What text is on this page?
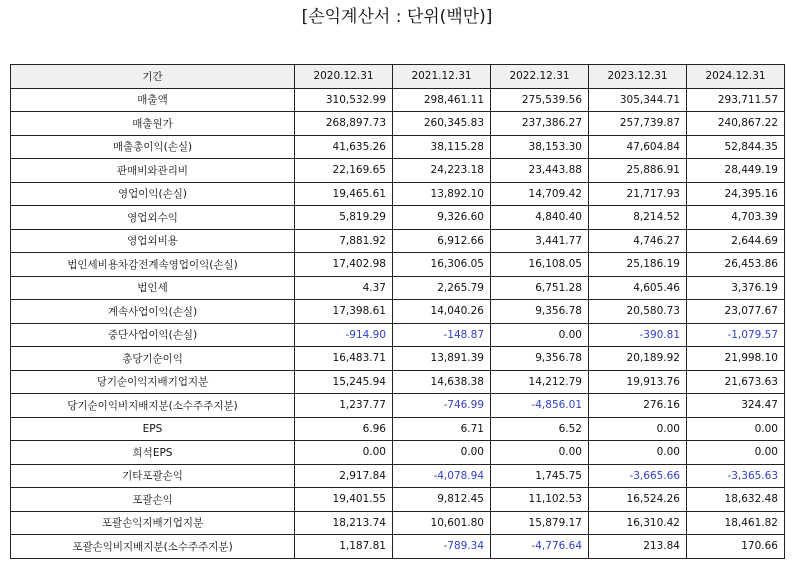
[손익계산서 : 단위(백만)]
기간	2020.12.31	2021.12.31	2022.12.31	2023.12.31	2024.12.31
매출액	310,532.99	298,461.11	275,539.56	305,344.71	293,711.57
매출원가	268,897.73	260,345.83	237,386.27	257,739.87	240,867.22
매출총이익(손실)	41,635.26	38,115.28	38,153.30	47,604.84	52,844.35
판매비와관리비	22,169.65	24,223.18	23,443.88	25,886.91	28,449.19
영업이익(손실)	19,465.61	13,892.10	14,709.42	21,717.93	24,395.16
영업외수익	5,819.29	9,326.60	4,840.40	8,214.52	4,703.39
영업외비용	7,881.92	6,912.66	3,441.77	4,746.27	2,644.69
법인세비용차감전계속영업이익(손실)	17,402.98	16,306.05	16,108.05	25,186.19	26,453.86
법인세	4.37	2,265.79	6,751.28	4,605.46	3,376.19
계속사업이익(손실)	17,398.61	14,040.26	9,356.78	20,580.73	23,077.67
중단사업이익(손실)	-914.90	-148.87	0.00	-390.81	-1,079.57
총당기순이익	16,483.71	13,891.39	9,356.78	20,189.92	21,998.10
당기순이익지배기업지분	15,245.94	14,638.38	14,212.79	19,913.76	21,673.63
당기순이익비지배지분(소수주주지분)	1,237.77	-746.99	-4,856.01	276.16	324.47
EPS	6.96	6.71	6.52	0.00	0.00
희석EPS	0.00	0.00	0.00	0.00	0.00
기타포괄손익	2,917.84	-4,078.94	1,745.75	-3,665.66	-3,365.63
포괄손익	19,401.55	9,812.45	11,102.53	16,524.26	18,632.48
포괄손익지배기업지분	18,213.74	10,601.80	15,879.17	16,310.42	18,461.82
포괄손익비지배지분(소수주주지분)	1,187.81	-789.34	-4,776.64	213.84	170.66
